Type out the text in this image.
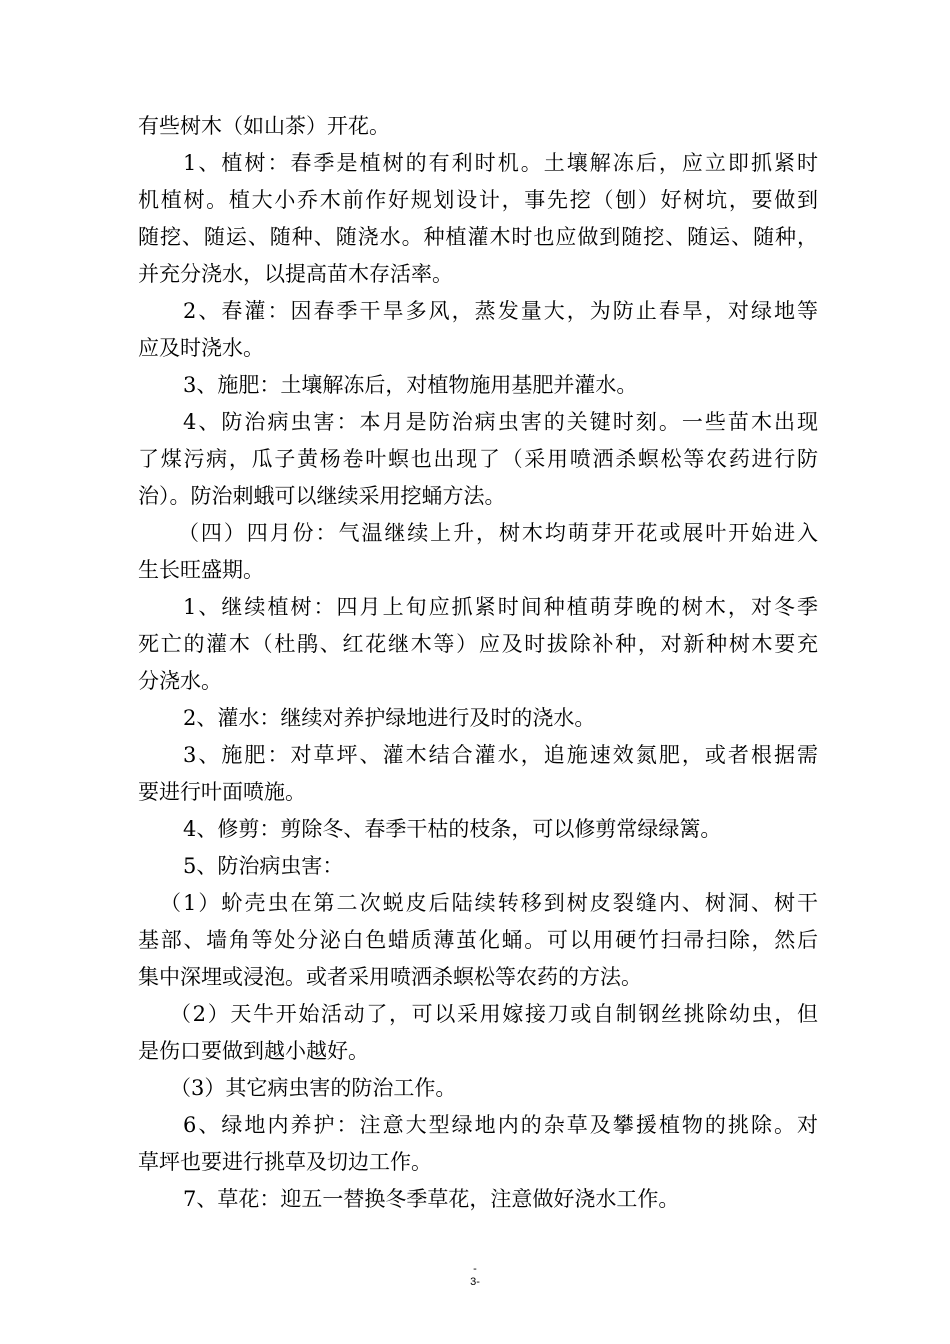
有些树木（如山茶）开花。

1、植树：春季是植树的有利时机。土壤解冻后，应立即抓紧时

机植树。植大小乔木前作好规划设计，事先挖（刨）好树坑，要做到

随挖、随运、随种、随浇水。种植灌木时也应做到随挖、随运、随种，

并充分浇水，以提高苗木存活率。

2、春灌：因春季干旱多风，蒸发量大，为防止春旱，对绿地等

应及时浇水。

3、施肥：土壤解冻后，对植物施用基肥并灌水。

4、防治病虫害：本月是防治病虫害的关键时刻。一些苗木出现

了煤污病，瓜子黄杨卷叶螟也出现了（采用喷洒杀螟松等农药进行防

治）。防治刺蛾可以继续采用挖蛹方法。

（四）四月份：气温继续上升，树木均萌芽开花或展叶开始进入

生长旺盛期。

1、继续植树：四月上旬应抓紧时间种植萌芽晚的树木，对冬季

死亡的灌木（杜鹃、红花继木等）应及时拔除补种，对新种树木要充

分浇水。

2、灌水：继续对养护绿地进行及时的浇水。

3、施肥：对草坪、灌木结合灌水，追施速效氮肥，或者根据需

要进行叶面喷施。

4、修剪：剪除冬、春季干枯的枝条，可以修剪常绿绿篱。

5、防治病虫害：

（1）蚧壳虫在第二次蜕皮后陆续转移到树皮裂缝内、树洞、树干

基部、墙角等处分泌白色蜡质薄茧化蛹。可以用硬竹扫帚扫除，然后

集中深埋或浸泡。或者采用喷洒杀螟松等农药的方法。

（2）天牛开始活动了，可以采用嫁接刀或自制钢丝挑除幼虫，但

是伤口要做到越小越好。

（3）其它病虫害的防治工作。

6、绿地内养护：注意大型绿地内的杂草及攀援植物的挑除。对

草坪也要进行挑草及切边工作。

7、草花：迎五一替换冬季草花，注意做好浇水工作。

-
3-
